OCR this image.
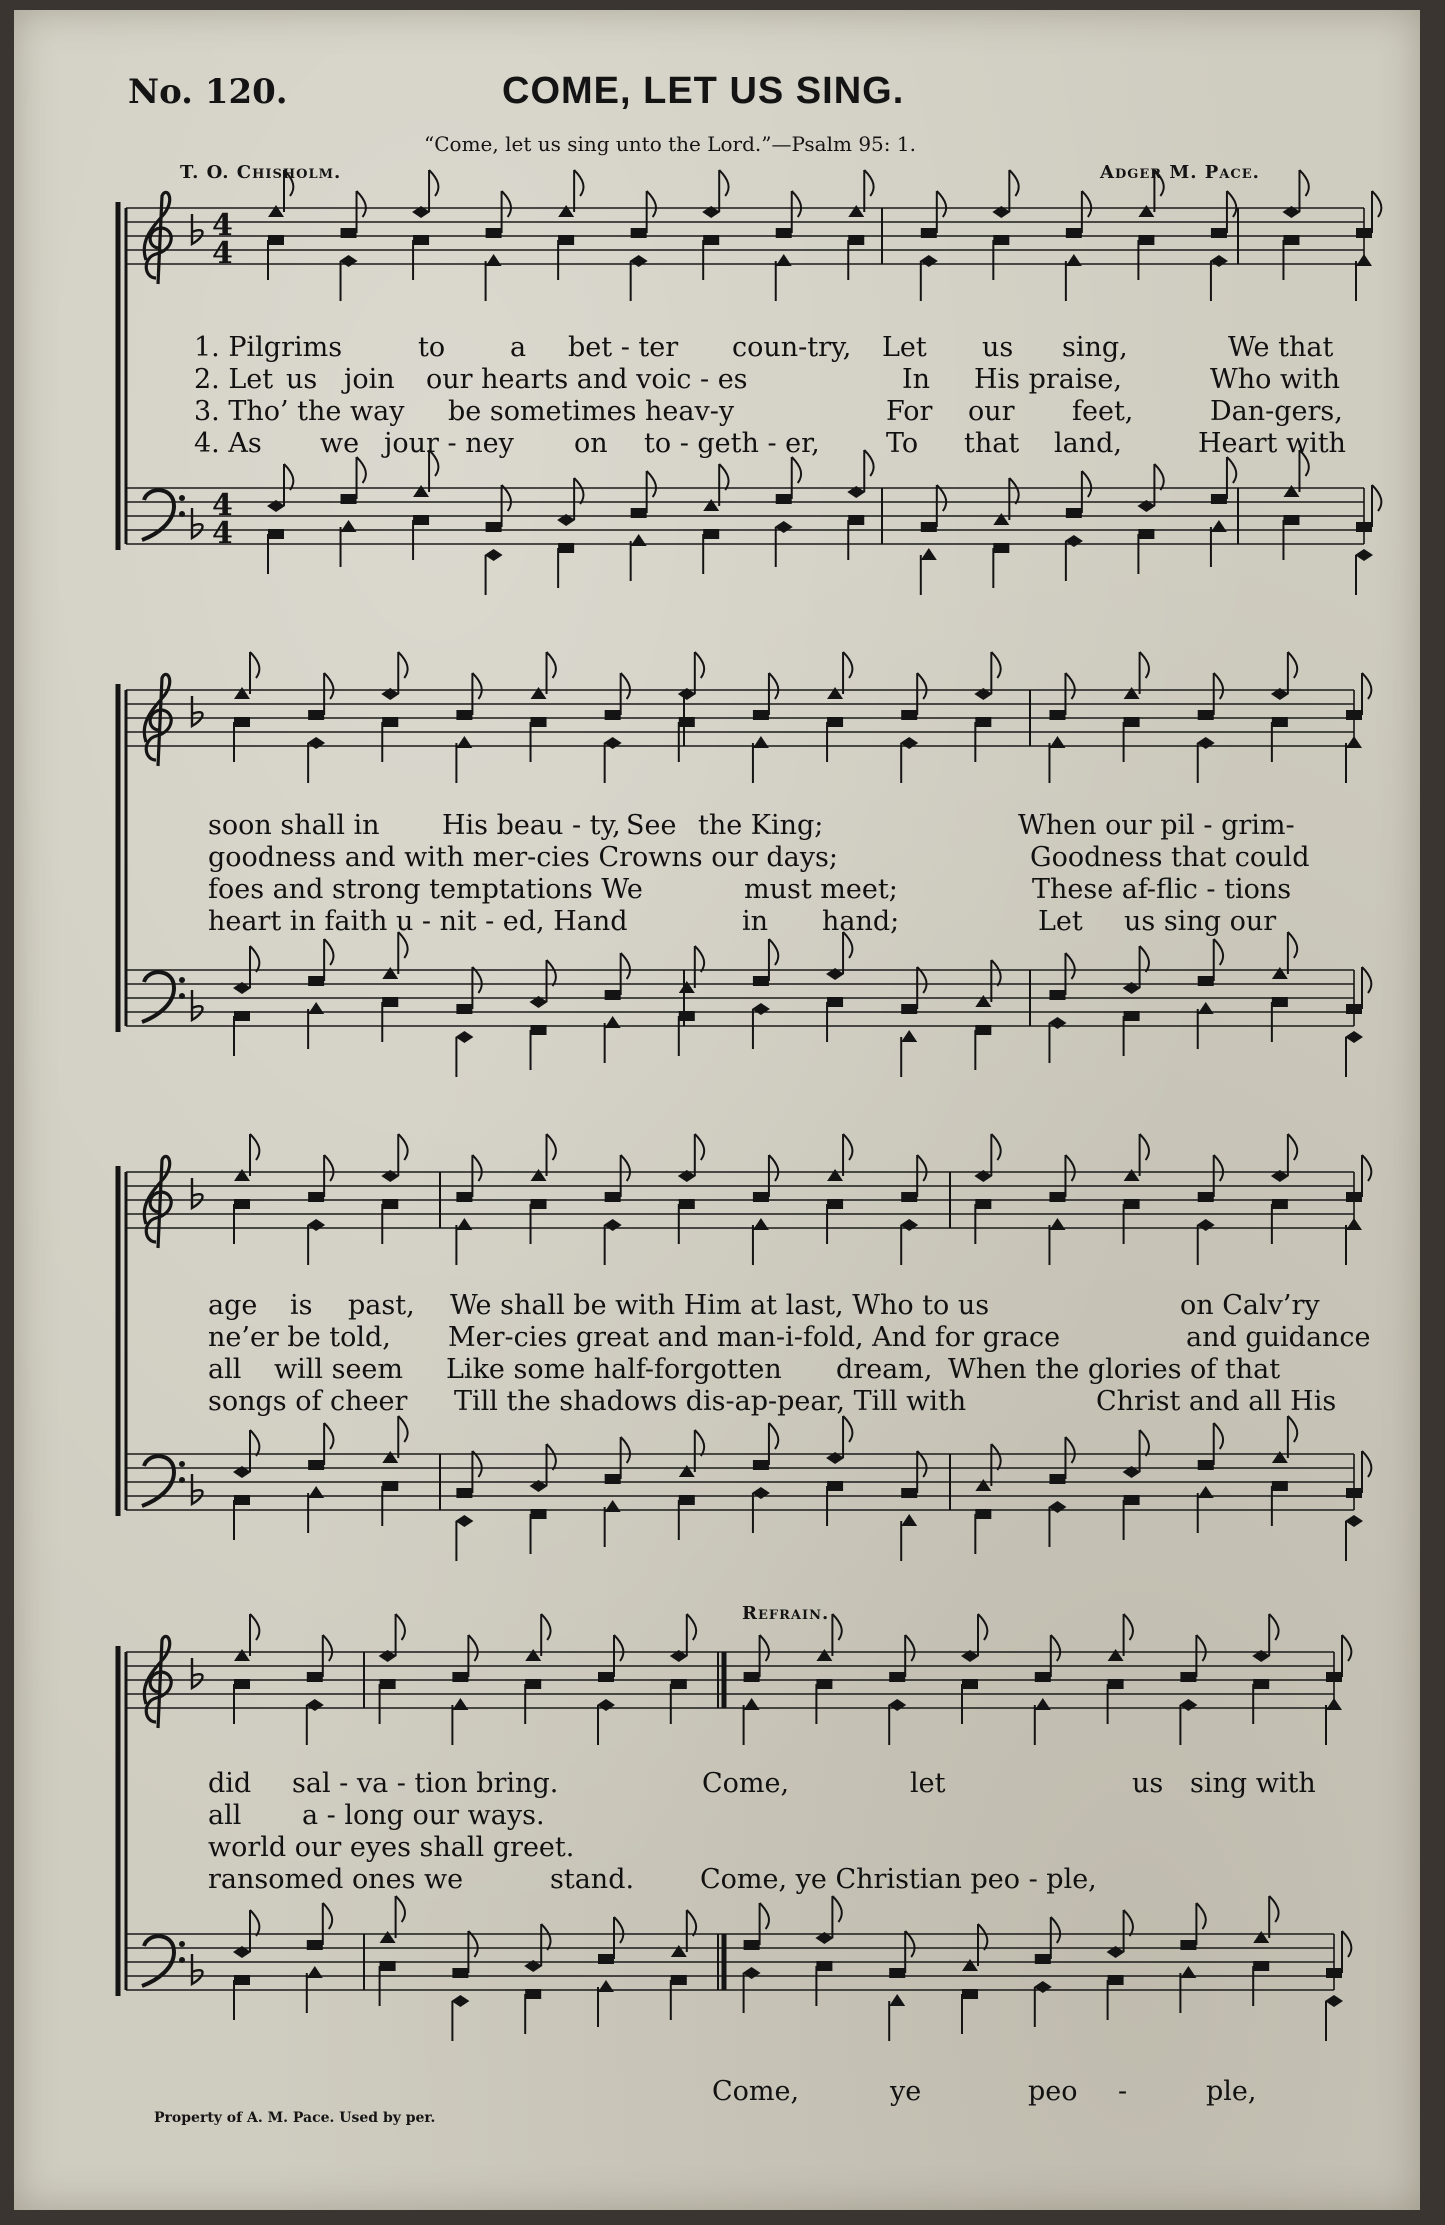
No. 120.	COME, LET US SING.
“Come, let us sing unto the Lord.”—Psalm 95: 1.
T. O. Chisholm.	Adger M. Pace.
Refrain.
Property of A. M. Pace. Used by per.
4
4
4
4
1. Pilgrims	to a bet - ter coun-try, Let us sing,	We that
2. Let us join our hearts and voic - es	In His praise,	Who with
3. Tho’ the way be sometimes heav-y	For our feet,	Dan-gers,
4. As we jour - ney on to - geth - er, To that land,	Heart with
soon shall in His beau - ty, See the King;	When our pil - grim-
goodness and with mer-cies Crowns our days;	Goodness that could
foes and strong temptations We	must meet;	These af-flic - tions
heart in faith u - nit - ed, Hand	in hand;	Let us sing our
age is past, We shall be with Him at last, Who to us	on Calv’ry
ne’er be told, Mer-cies great and man-i-fold, And for grace	and guidance
all will seem Like some half-forgotten dream, When the glories of that
songs of cheer Till the shadows dis-ap-pear, Till with	Christ and all His
did sal - va - tion bring.	Come,	let	us sing with
all a - long our ways.
world our eyes shall greet.
ransomed ones we	stand. Come, ye Christian peo - ple,
Come,	ye	peo -	ple,
